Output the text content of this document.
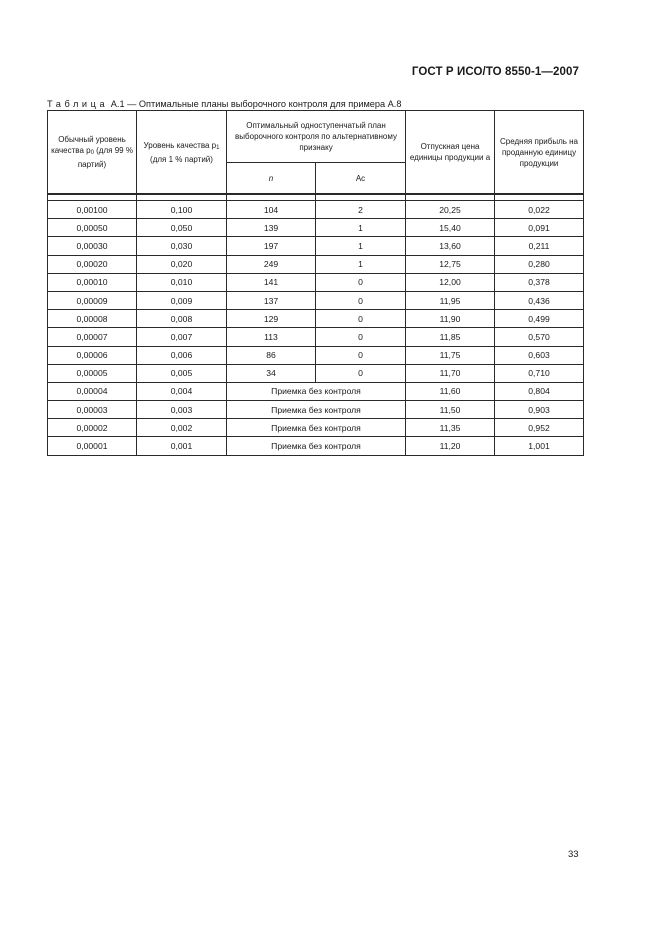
ГОСТ Р ИСО/ТО 8550-1—2007
Таблица А.1 — Оптимальные планы выборочного контроля для примера А.8
Обычный уровень качества $p_0$ (для 99 % партий)	Уровень качества $p_1$ (для 1 % партий)	Оптимальный одноступенчатый план выборочного контроля по альтернативному признаку		Отпускная цена единицы продукции a	Средняя прибыль на проданную единицу продукции
		n	Ac		

0,00100	0,100	104	2	20,25	0,022
0,00050	0,050	139	1	15,40	0,091
0,00030	0,030	197	1	13,60	0,211
0,00020	0,020	249	1	12,75	0,280
0,00010	0,010	141	0	12,00	0,378
0,00009	0,009	137	0	11,95	0,436
0,00008	0,008	129	0	11,90	0,499
0,00007	0,007	113	0	11,85	0,570
0,00006	0,006	86	0	11,75	0,603
0,00005	0,005	34	0	11,70	0,710
0,00004	0,004	Приемка без контроля		11,60	0,804
0,00003	0,003	Приемка без контроля		11,50	0,903
0,00002	0,002	Приемка без контроля		11,35	0,952
0,00001	0,001	Приемка без контроля		11,20	1,001
33
